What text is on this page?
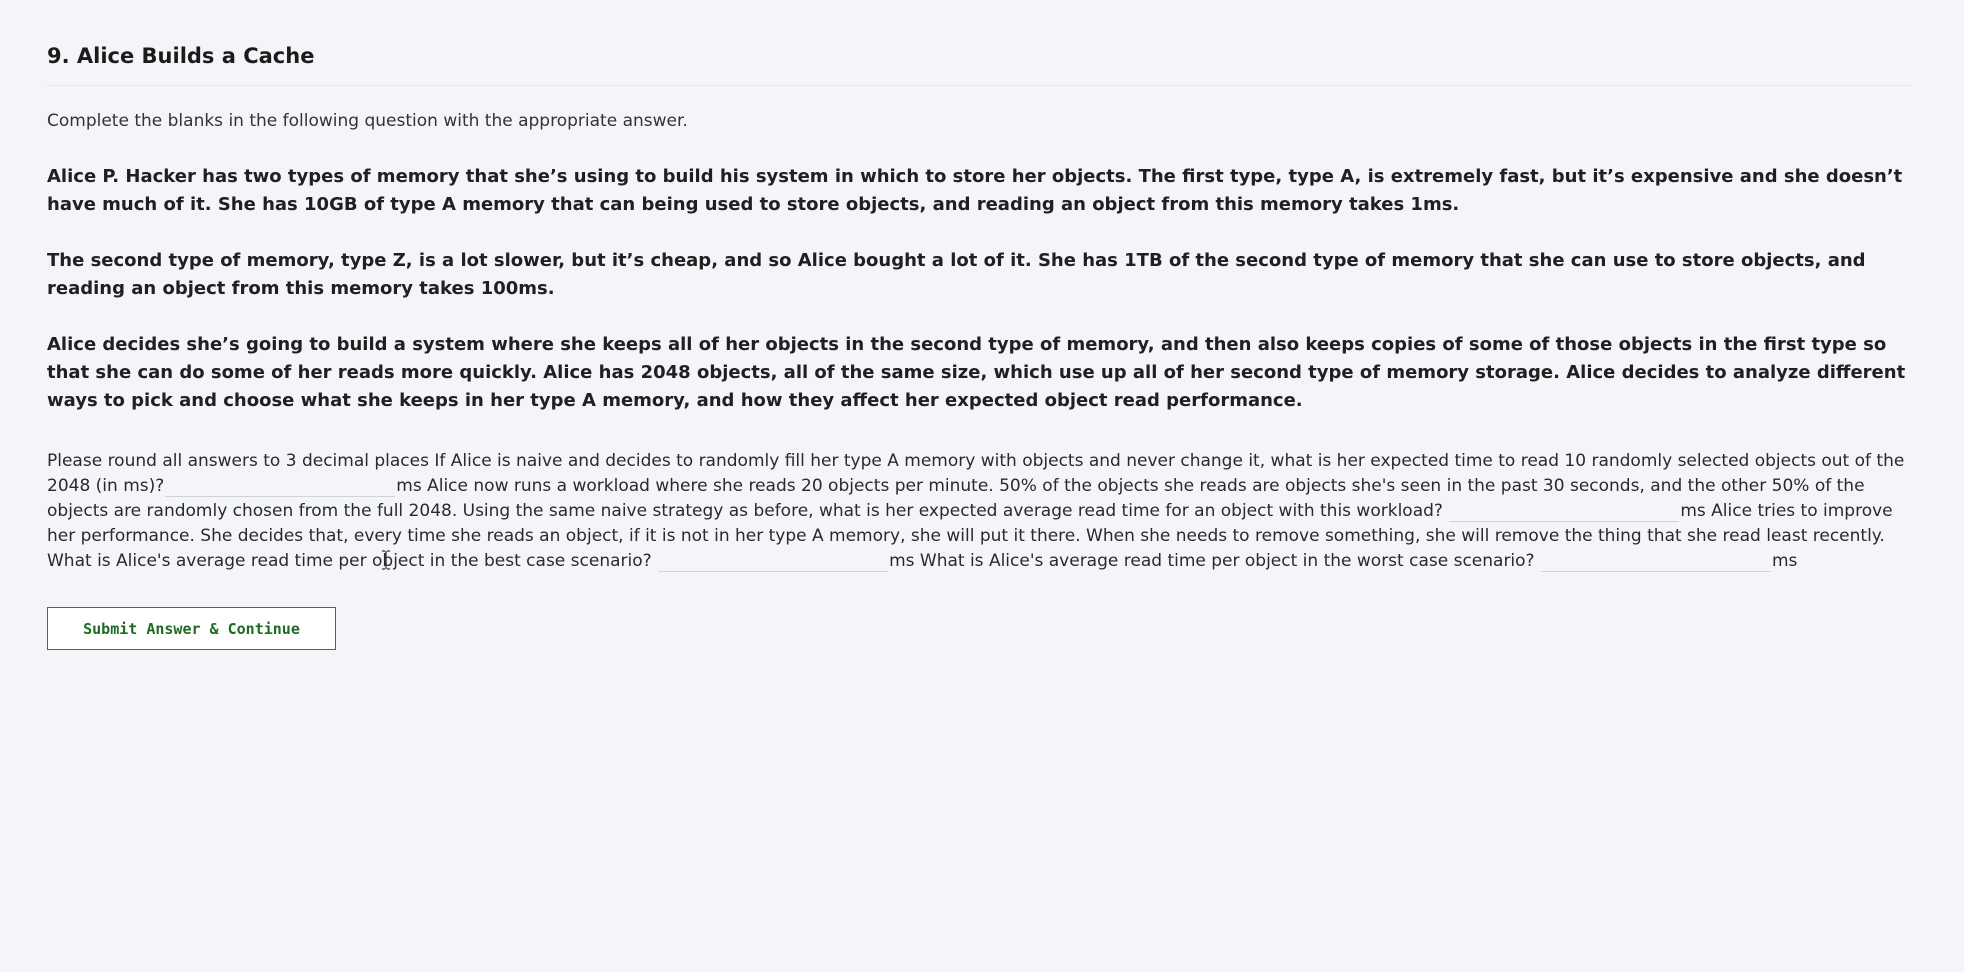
9. Alice Builds a Cache

Complete the blanks in the following question with the appropriate answer.

Alice P. Hacker has two types of memory that she’s using to build his system in which to store her objects. The first type, type A, is extremely fast, but it’s expensive and she doesn’t have much of it. She has 10GB of type A memory that can being used to store objects, and reading an object from this memory takes 1ms.

The second type of memory, type Z, is a lot slower, but it’s cheap, and so Alice bought a lot of it. She has 1TB of the second type of memory that she can use to store objects, and reading an object from this memory takes 100ms.

Alice decides she’s going to build a system where she keeps all of her objects in the second type of memory, and then also keeps copies of some of those objects in the first type so that she can do some of her reads more quickly. Alice has 2048 objects, all of the same size, which use up all of her second type of memory storage. Alice decides to analyze different ways to pick and choose what she keeps in her type A memory, and how they affect her expected object read performance.

Please round all answers to 3 decimal places If Alice is naive and decides to randomly fill her type A memory with objects and never change it, what is her expected time to read 10 randomly selected objects out of the 2048 (in ms)?	ms Alice now runs a workload where she reads 20 objects per minute. 50% of the objects she reads are objects she's seen in the past 30 seconds, and the other 50% of the objects are randomly chosen from the full 2048. Using the same naive strategy as before, what is her expected average read time for an object with this workload?	ms Alice tries to improve her performance. She decides that, every time she reads an object, if it is not in her type A memory, she will put it there. When she needs to remove something, she will remove the thing that she read least recently. What is Alice's average read time per object in the best case scenario?	ms What is Alice's average read time per object in the worst case scenario?	ms

Submit Answer & Continue
